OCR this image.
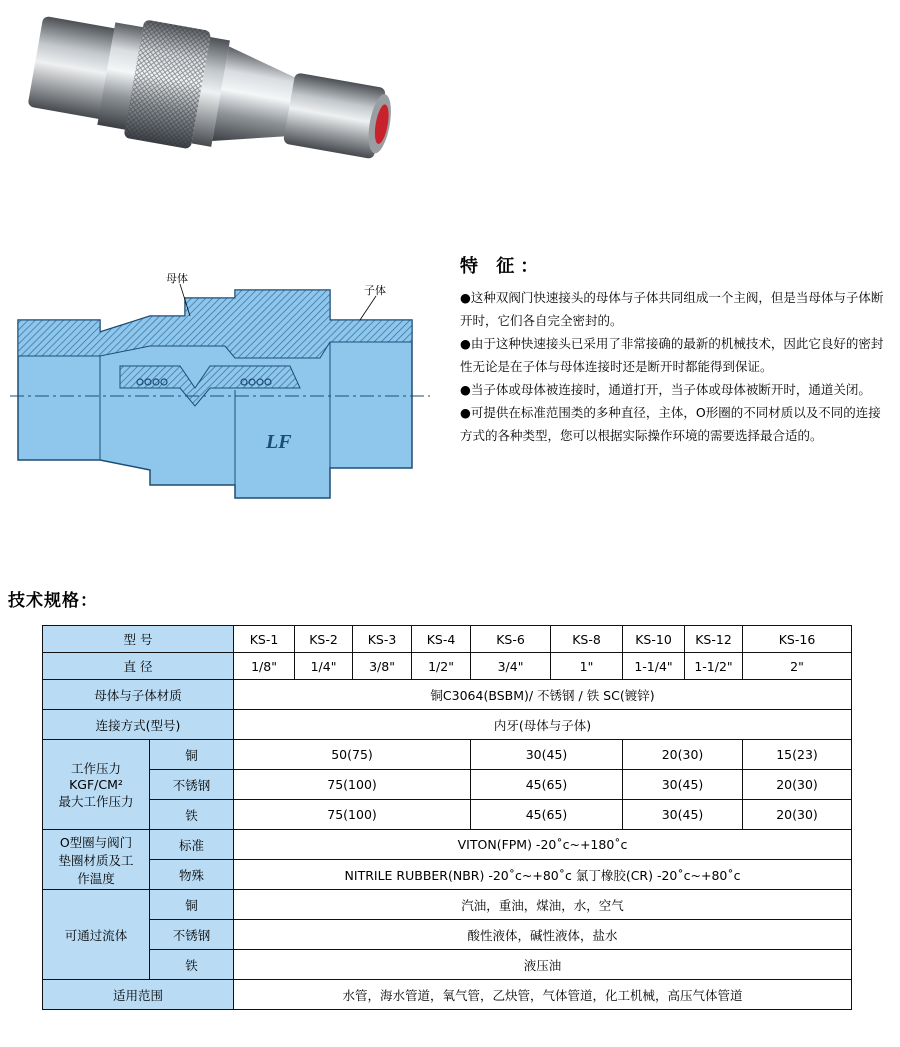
母体
子体
LF
特 征：

●这种双阀门快速接头的母体与子体共同组成一个主阀，但是当母体与子体断开时，它们各自完全密封的。

●由于这种快速接头已采用了非常接确的最新的机械技术，因此它良好的密封性无论是在子体与母体连接时还是断开时都能得到保证。

●当子体或母体被连接时，通道打开，当子体或母体被断开时，通道关闭。

●可提供在标准范围类的多种直径，主体，O形圈的不同材质以及不同的连接方式的各种类型，您可以根据实际操作环境的需要选择最合适的。

技术规格：
型 号		KS-1	KS-2	KS-3	KS-4	KS-6	KS-8	KS-10	KS-12	KS-16
直 径		1/8"	1/4"	3/8"	1/2"	3/4"	1"	1-1/4"	1-1/2"	2"
母体与子体材质		铜C3064(BSBM)/ 不锈钢 / 铁 SC(镀锌)								
连接方式(型号)		内牙(母体与子体)								

工作压力
KGF/CM²
最大工作压力	铜	50(75)				30(45)		20(30)		15(23)
	不锈钢	75(100)				45(65)		30(45)		20(30)
	铁	75(100)				45(65)		30(45)		20(30)

O型圈与阀门
垫圈材质及工
作温度	标准	VITON(FPM) -20˚c~+180˚c								
	物殊	NITRILE RUBBER(NBR) -20˚c~+80˚c 氯丁橡胶(CR) -20˚c~+80˚c								
可通过流体	铜	汽油，重油，煤油，水，空气								
	不锈钢	酸性液体，碱性液体，盐水								
	铁	液压油								
适用范围		水管，海水管道，氧气管，乙炔管，气体管道，化工机械，高压气体管道								
